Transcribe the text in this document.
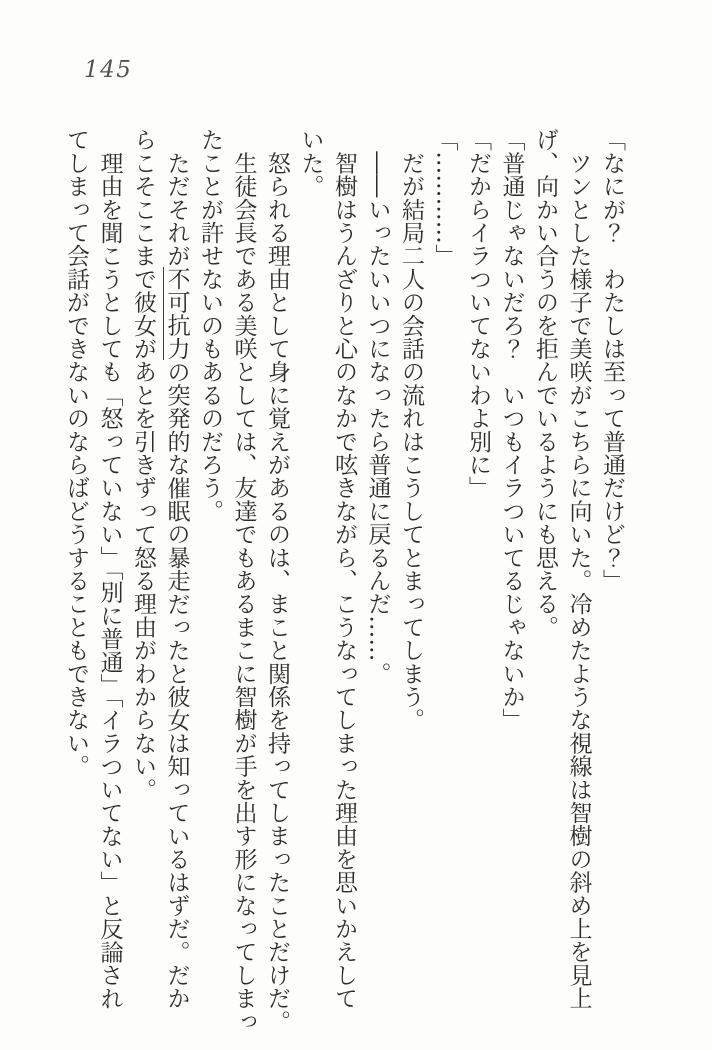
145
「なにが？　わたしは至って普通だけど？」
　ツンとした様子で美咲がこちらに向いた。冷めたような視線は智樹の斜め上を見上
げ、向かい合うのを拒んでいるようにも思える。
「普通じゃないだろ？　いつもイラついてるじゃないか」
「だからイラついてないわよ別に」
「…………」
　だが結局二人の会話の流れはこうしてとまってしまう。
　――いったいいつになったら普通に戻るんだ……。
　智樹はうんざりと心のなかで呟きながら、こうなってしまった理由を思いかえして
いた。
　怒られる理由として身に覚えがあるのは、まこと関係を持ってしまったことだけだ。
　生徒会長である美咲としては、友達でもあるまこに智樹が手を出す形になってしまっ
たことが許せないのもあるのだろう。
　ただそれが不可抗力の突発的な催眠の暴走だったと彼女は知っているはずだ。だか
らこそここまで彼女があとを引きずって怒る理由がわからない。
　理由を聞こうとしても「怒っていない」「別に普通」「イラついてない」と反論され
てしまって会話ができないのならばどうすることもできない。
